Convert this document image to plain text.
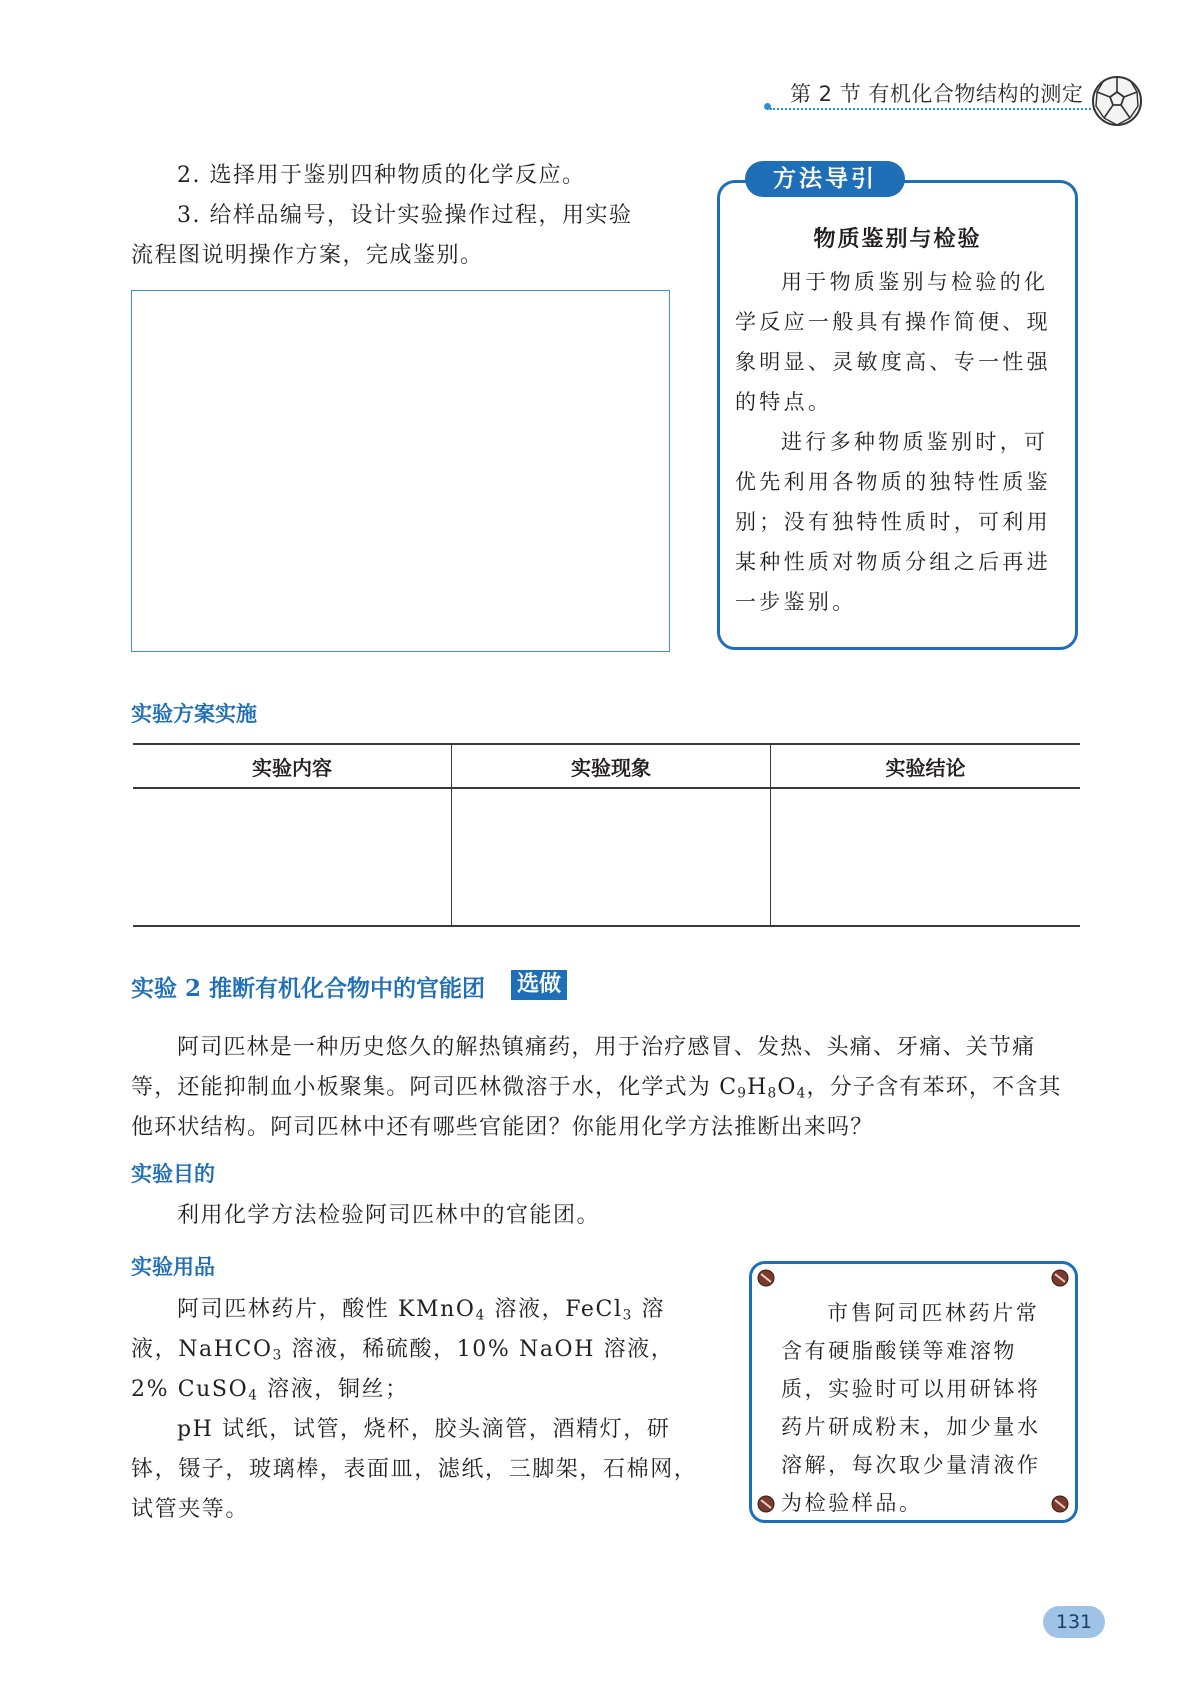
第 2 节 有机化合物结构的测定
2. 选择用于鉴别四种物质的化学反应。
3. 给样品编号，设计实验操作过程，用实验
流程图说明操作方案，完成鉴别。
方法导引
物质鉴别与检验
用于物质鉴别与检验的化学反应一般具有操作简便、现象明显、灵敏度高、专一性强的特点。
进行多种物质鉴别时，可优先利用各物质的独特性质鉴别；没有独特性质时，可利用某种性质对物质分组之后再进一步鉴别。
实验方案实施
实验内容	实验现象	实验结论

实验 2 推断有机化合物中的官能团 选做
阿司匹林是一种历史悠久的解热镇痛药，用于治疗感冒、发热、头痛、牙痛、关节痛等，还能抑制血小板聚集。阿司匹林微溶于水，化学式为 $C_9H_8O_4$，分子含有苯环，不含其他环状结构。阿司匹林中还有哪些官能团？你能用化学方法推断出来吗？
实验目的
利用化学方法检验阿司匹林中的官能团。
实验用品
阿司匹林药片，酸性 KMnO$_4$ 溶液，FeCl$_3$ 溶液，NaHCO$_3$ 溶液，稀硫酸，10% NaOH 溶液，2% CuSO$_4$ 溶液，铜丝；
pH 试纸，试管，烧杯，胶头滴管，酒精灯，研钵，镊子，玻璃棒，表面皿，滤纸，三脚架，石棉网，试管夹等。
市售阿司匹林药片常含有硬脂酸镁等难溶物质，实验时可以用研钵将药片研成粉末，加少量水溶解，每次取少量清液作为检验样品。
131
